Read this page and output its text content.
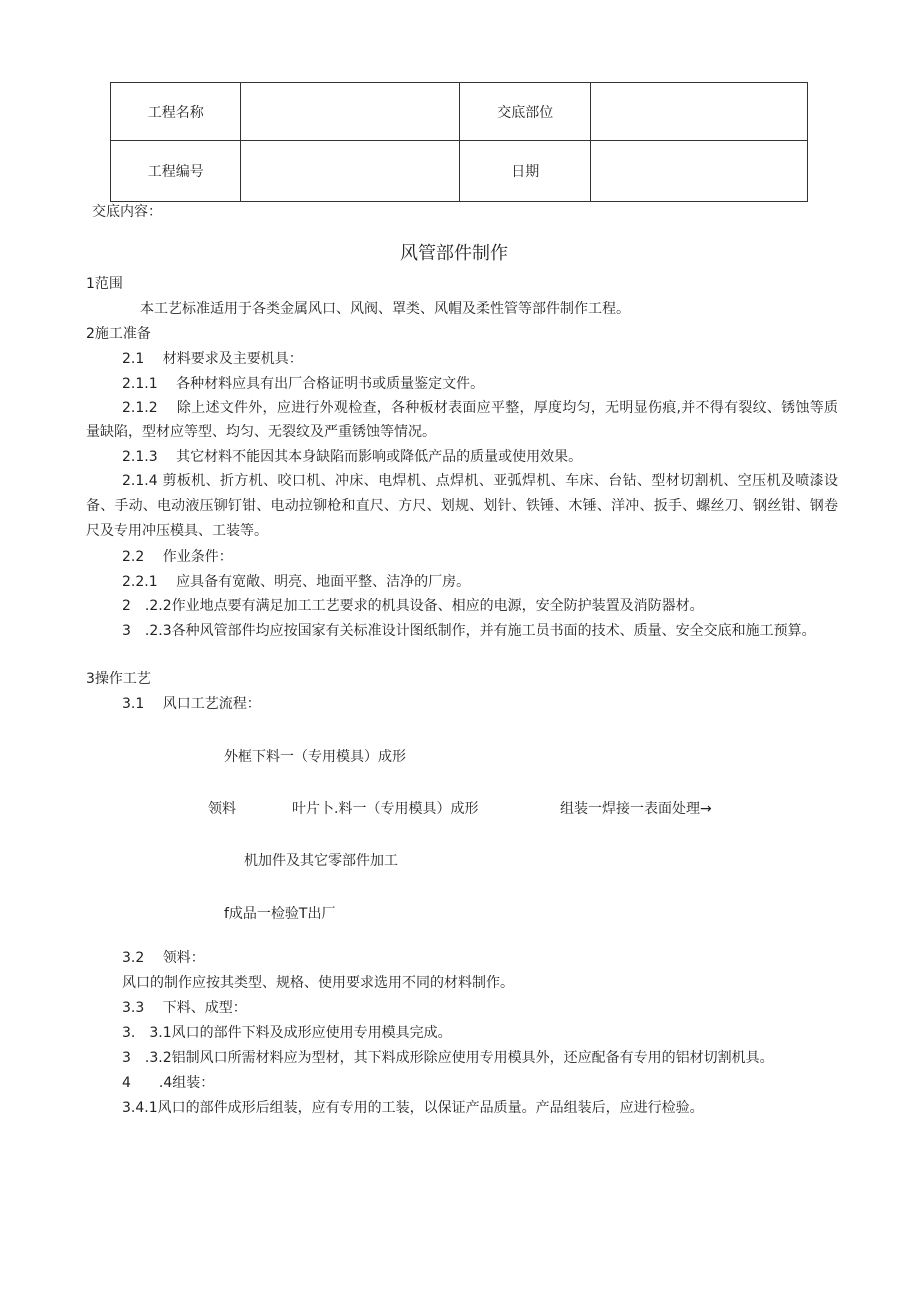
工程名称		交底部位	
工程编号		日期	
交底内容：
风管部件制作
1范围
本工艺标准适用于各类金属风口、风阀、罩类、风帽及柔性管等部件制作工程。
2施工准备
2.1　 材料要求及主要机具：
2.1.1　 各种材料应具有出厂合格证明书或质量鉴定文件。
2.1.2　 除上述文件外，应进行外观检查，各种板材表面应平整，厚度均匀，无明显伤痕,并不得有裂纹、锈蚀等质量缺陷，型材应等型、均匀、无裂纹及严重锈蚀等情况。
2.1.3　 其它材料不能因其本身缺陷而影响或降低产品的质量或使用效果。
2.1.4 剪板机、折方机、咬口机、冲床、电焊机、点焊机、亚弧焊机、车床、台钻、型材切割机、空压机及喷漆设备、手动、电动液压铆钉钳、电动拉铆枪和直尺、方尺、划规、划针、铁锤、木锤、洋冲、扳手、螺丝刀、钢丝钳、钢卷尺及专用冲压模具、工装等。
2.2　 作业条件：
2.2.1　 应具备有宽敞、明亮、地面平整、洁净的厂房。
2　.2.2作业地点要有满足加工工艺要求的机具设备、相应的电源，安全防护装置及消防器材。
3　.2.3各种风管部件均应按国家有关标准设计图纸制作，并有施工员书面的技术、质量、安全交底和施工预算。
3操作工艺
3.1　 风口工艺流程：
外框下料一（专用模具）成形
领料	叶片卜.料一（专用模具）成形	组装一焊接一表面处理→
机加件及其它零部件加工
f成品一检验T出厂
3.2　 领料：
风口的制作应按其类型、规格、使用要求选用不同的材料制作。
3.3　 下料、成型：
3.　3.1风口的部件下料及成形应使用专用模具完成。
3　.3.2铝制风口所需材料应为型材，其下料成形除应使用专用模具外，还应配备有专用的铝材切割机具。
4　　.4组装：
3.4.1风口的部件成形后组装，应有专用的工装，以保证产品质量。产品组装后，应进行检验。
